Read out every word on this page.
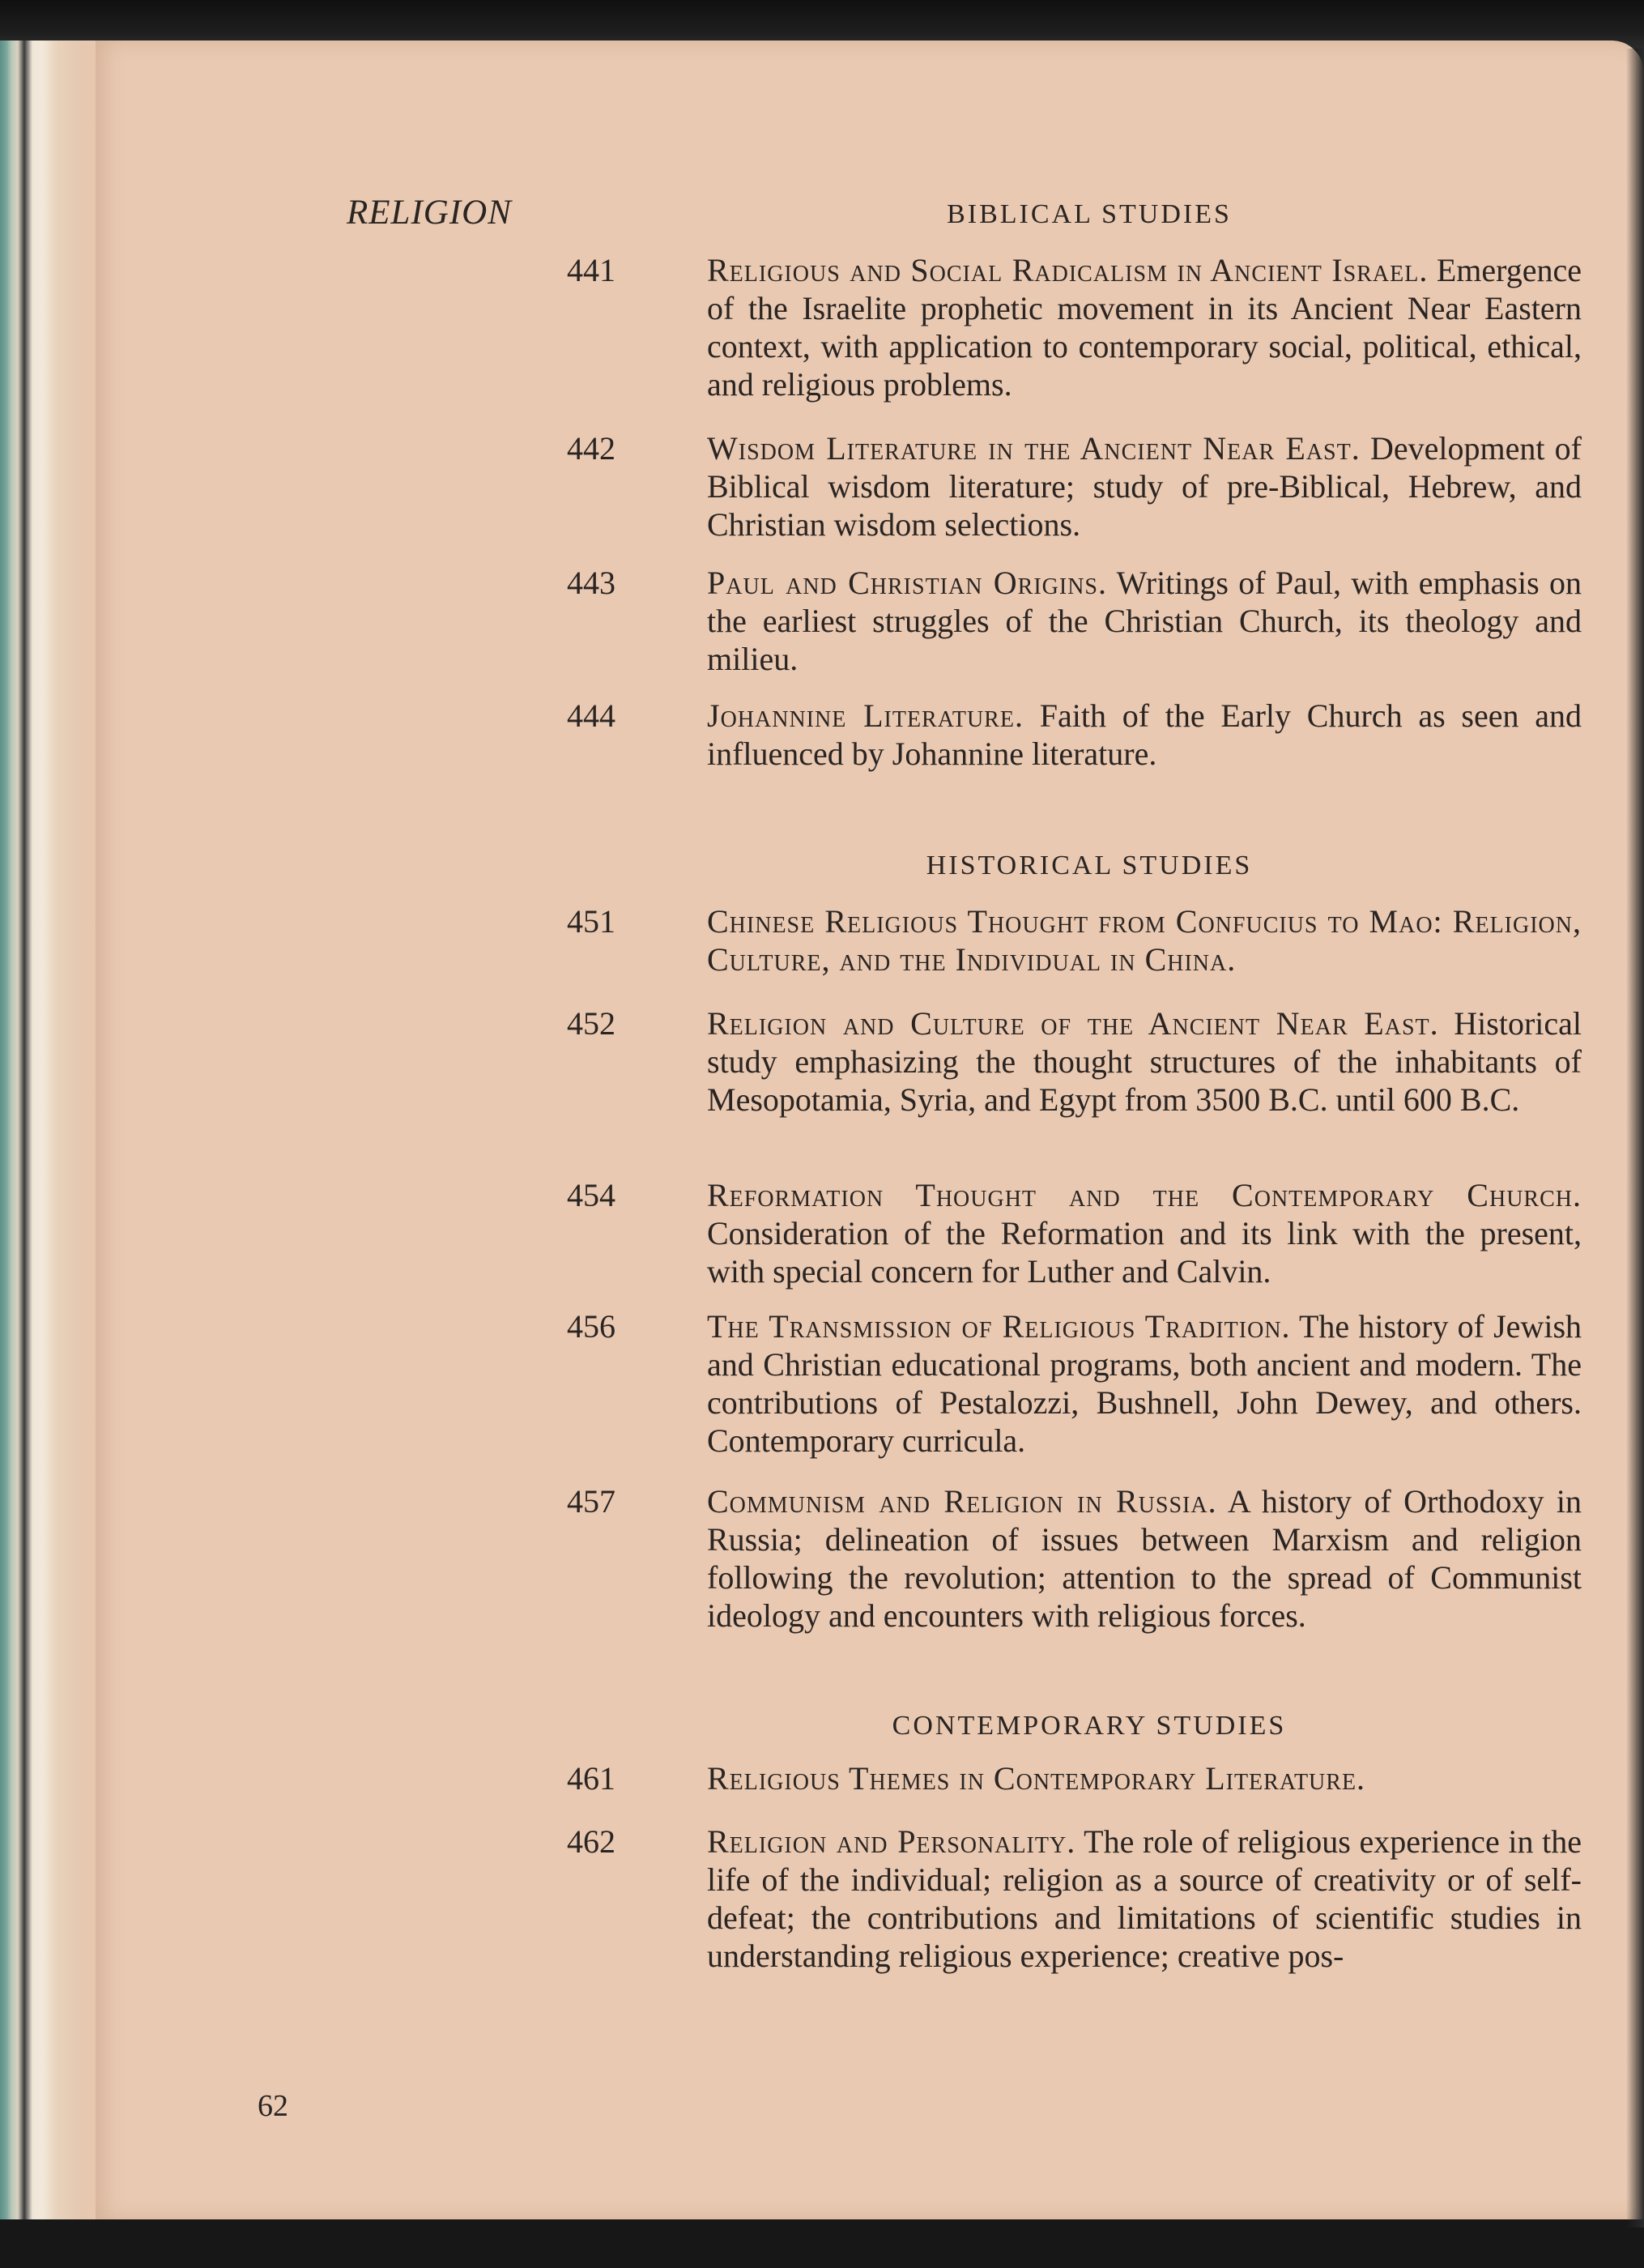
RELIGION	BIBLICAL STUDIES
441	Religious and Social Radicalism in Ancient Israel. Emergence of the Israelite prophetic movement in its Ancient Near Eastern context, with application to contemporary social, political, ethical, and religious problems.
442	Wisdom Literature in the Ancient Near East. Development of Biblical wisdom literature; study of pre-Biblical, Hebrew, and Christian wisdom selections.
443	Paul and Christian Origins. Writings of Paul, with emphasis on the earliest struggles of the Christian Church, its theology and milieu.
444	Johannine Literature. Faith of the Early Church as seen and influenced by Johannine literature.
HISTORICAL STUDIES
451	Chinese Religious Thought from Confucius to Mao: Religion, Culture, and the Individual in China.
452	Religion and Culture of the Ancient Near East. Historical study emphasizing the thought structures of the inhabitants of Mesopotamia, Syria, and Egypt from 3500 B.C. until 600 B.C.
454	Reformation Thought and the Contemporary Church. Consideration of the Reformation and its link with the present, with special concern for Luther and Calvin.
456	The Transmission of Religious Tradition. The history of Jewish and Christian educational programs, both ancient and modern. The contributions of Pestalozzi, Bushnell, John Dewey, and others. Contemporary curricula.
457	Communism and Religion in Russia. A history of Orthodoxy in Russia; delineation of issues between Marxism and religion following the revolution; attention to the spread of Communist ideology and encounters with religious forces.
CONTEMPORARY STUDIES
461	Religious Themes in Contemporary Literature.
462	Religion and Personality. The role of religious experience in the life of the individual; religion as a source of creativity or of self-defeat; the contributions and limitations of scientific studies in understanding religious experience; creative pos-
62
